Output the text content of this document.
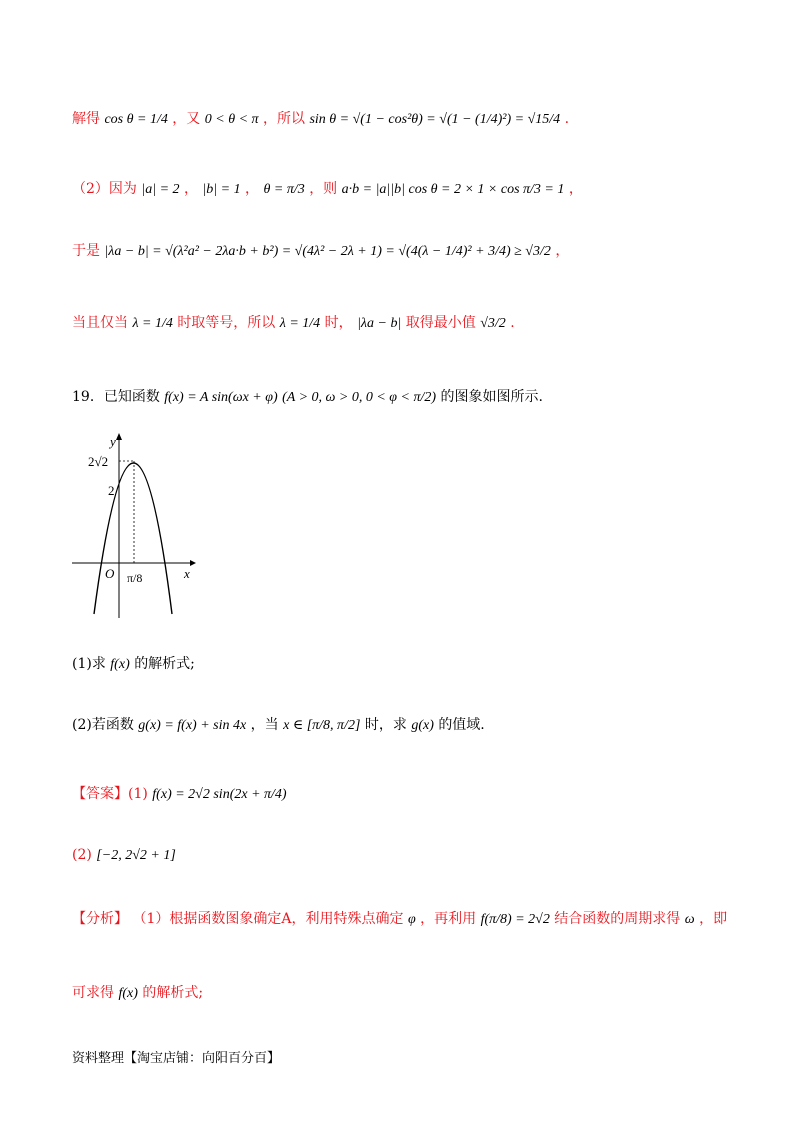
解得 cos θ = 1/4 ，又 0 < θ < π ，所以 sin θ = √(1 − cos²θ) = √(1 − (1/4)²) = √15/4 .
（2）因为 |a| = 2 ， |b| = 1 ， θ = π/3 ，则 a·b = |a||b| cos θ = 2 × 1 × cos π/3 = 1 ，
于是 |λa − b| = √(λ²a² − 2λa·b + b²) = √(4λ² − 2λ + 1) = √(4(λ − 1/4)² + 3/4) ≥ √3/2 ，
当且仅当 λ = 1/4 时取等号，所以 λ = 1/4 时， |λa − b| 取得最小值 √3/2 .
19．已知函数 f(x) = A sin(ωx + φ) (A > 0, ω > 0, 0 < φ < π/2) 的图象如图所示.
y
x
O
2√2
2
π/8
(1)求 f(x) 的解析式;
(2)若函数 g(x) = f(x) + sin 4x ，当 x ∈ [π/8, π/2] 时，求 g(x) 的值域.
【答案】(1) f(x) = 2√2 sin(2x + π/4)
(2) [−2, 2√2 + 1]
【分析】 （1）根据函数图象确定A，利用特殊点确定 φ ，再利用 f(π/8) = 2√2 结合函数的周期求得 ω ，即
可求得 f(x) 的解析式;
资料整理【淘宝店铺：向阳百分百】
